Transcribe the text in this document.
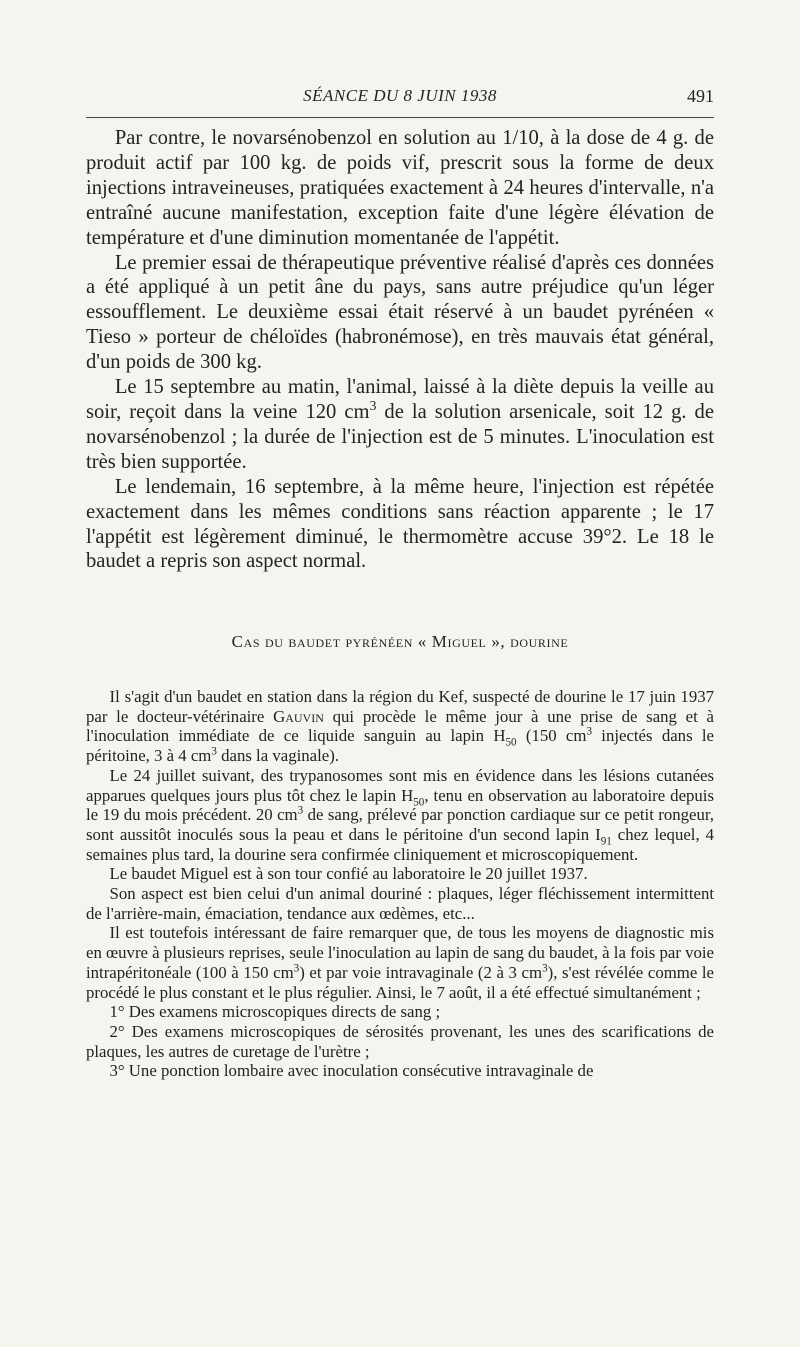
SÉANCE DU 8 JUIN 1938	491

Par contre, le novarsénobenzol en solution au 1/10, à la dose de 4 g. de produit actif par 100 kg. de poids vif, prescrit sous la forme de deux injections intraveineuses, pratiquées exactement à 24 heures d'intervalle, n'a entraîné aucune manifestation, exception faite d'une légère élévation de température et d'une diminution momentanée de l'appétit.

Le premier essai de thérapeutique préventive réalisé d'après ces données a été appliqué à un petit âne du pays, sans autre préjudice qu'un léger essoufflement. Le deuxième essai était réservé à un baudet pyrénéen « Tieso » porteur de chéloïdes (habronémose), en très mauvais état général, d'un poids de 300 kg.

Le 15 septembre au matin, l'animal, laissé à la diète depuis la veille au soir, reçoit dans la veine 120 $cm^3$ de la solution arsenicale, soit 12 g. de novarsénobenzol ; la durée de l'injection est de 5 minutes. L'inoculation est très bien supportée.

Le lendemain, 16 septembre, à la même heure, l'injection est répétée exactement dans les mêmes conditions sans réaction apparente ; le 17 l'appétit est légèrement diminué, le thermomètre accuse 39°2. Le 18 le baudet a repris son aspect normal.

Cas du baudet pyrénéen « Miguel », dourine

Il s'agit d'un baudet en station dans la région du Kef, suspecté de dourine le 17 juin 1937 par le docteur-vétérinaire Gauvin qui procède le même jour à une prise de sang et à l'inoculation immédiate de ce liquide sanguin au lapin $H_{50}$ (150 $cm^3$ injectés dans le péritoine, 3 à 4 $cm^3$ dans la vaginale).

Le 24 juillet suivant, des trypanosomes sont mis en évidence dans les lésions cutanées apparues quelques jours plus tôt chez le lapin $H_{50}$, tenu en observation au laboratoire depuis le 19 du mois précédent. 20 $cm^3$ de sang, prélevé par ponction cardiaque sur ce petit rongeur, sont aussitôt inoculés sous la peau et dans le péritoine d'un second lapin $I_{91}$ chez lequel, 4 semaines plus tard, la dourine sera confirmée cliniquement et microscopiquement.

Le baudet Miguel est à son tour confié au laboratoire le 20 juillet 1937.

Son aspect est bien celui d'un animal douriné : plaques, léger fléchissement intermittent de l'arrière-main, émaciation, tendance aux œdèmes, etc...

Il est toutefois intéressant de faire remarquer que, de tous les moyens de diagnostic mis en œuvre à plusieurs reprises, seule l'inoculation au lapin de sang du baudet, à la fois par voie intrapéritonéale (100 à 150 $cm^3$) et par voie intravaginale (2 à 3 $cm^3$), s'est révélée comme le procédé le plus constant et le plus régulier. Ainsi, le 7 août, il a été effectué simultanément ;

1° Des examens microscopiques directs de sang ;

2° Des examens microscopiques de sérosités provenant, les unes des scarifications de plaques, les autres de curetage de l'urètre ;

3° Une ponction lombaire avec inoculation consécutive intravaginale de
